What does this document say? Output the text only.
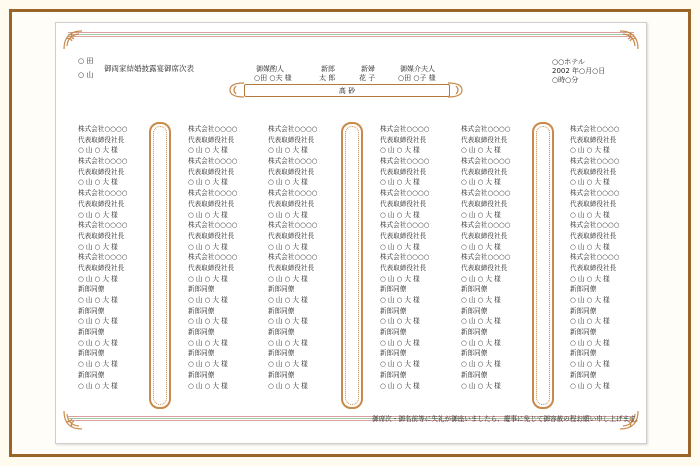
○ 田
○ 山
御両家結婚披露宴御席次表	御媒酌人
○田 ○夫 様
新郎
太 郎
新婦
花 子
御媒介夫人
○田 ○子 様
○○ホテル
2002 年○月○日
○時○分
高 砂
株式会社○○○○
代表取締役社長
○ 山 ○ 大 様
株式会社○○○○
代表取締役社長
○ 山 ○ 大 様
株式会社○○○○
代表取締役社長
○ 山 ○ 大 様
株式会社○○○○
代表取締役社長
○ 山 ○ 大 様
株式会社○○○○
代表取締役社長
○ 山 ○ 大 様
新郎同僚
○ 山 ○ 大 様
新郎同僚
○ 山 ○ 大 様
新郎同僚
○ 山 ○ 大 様
新郎同僚
○ 山 ○ 大 様
新郎同僚
○ 山 ○ 大 様
株式会社○○○○
代表取締役社長
○ 山 ○ 大 様
株式会社○○○○
代表取締役社長
○ 山 ○ 大 様
株式会社○○○○
代表取締役社長
○ 山 ○ 大 様
株式会社○○○○
代表取締役社長
○ 山 ○ 大 様
株式会社○○○○
代表取締役社長
○ 山 ○ 大 様
新郎同僚
○ 山 ○ 大 様
新郎同僚
○ 山 ○ 大 様
新郎同僚
○ 山 ○ 大 様
新郎同僚
○ 山 ○ 大 様
新郎同僚
○ 山 ○ 大 様
株式会社○○○○
代表取締役社長
○ 山 ○ 大 様
株式会社○○○○
代表取締役社長
○ 山 ○ 大 様
株式会社○○○○
代表取締役社長
○ 山 ○ 大 様
株式会社○○○○
代表取締役社長
○ 山 ○ 大 様
株式会社○○○○
代表取締役社長
○ 山 ○ 大 様
新郎同僚
○ 山 ○ 大 様
新郎同僚
○ 山 ○ 大 様
新郎同僚
○ 山 ○ 大 様
新郎同僚
○ 山 ○ 大 様
新郎同僚
○ 山 ○ 大 様
株式会社○○○○
代表取締役社長
○ 山 ○ 大 様
株式会社○○○○
代表取締役社長
○ 山 ○ 大 様
株式会社○○○○
代表取締役社長
○ 山 ○ 大 様
株式会社○○○○
代表取締役社長
○ 山 ○ 大 様
株式会社○○○○
代表取締役社長
○ 山 ○ 大 様
新郎同僚
○ 山 ○ 大 様
新郎同僚
○ 山 ○ 大 様
新郎同僚
○ 山 ○ 大 様
新郎同僚
○ 山 ○ 大 様
新郎同僚
○ 山 ○ 大 様
株式会社○○○○
代表取締役社長
○ 山 ○ 大 様
株式会社○○○○
代表取締役社長
○ 山 ○ 大 様
株式会社○○○○
代表取締役社長
○ 山 ○ 大 様
株式会社○○○○
代表取締役社長
○ 山 ○ 大 様
株式会社○○○○
代表取締役社長
○ 山 ○ 大 様
新郎同僚
○ 山 ○ 大 様
新郎同僚
○ 山 ○ 大 様
新郎同僚
○ 山 ○ 大 様
新郎同僚
○ 山 ○ 大 様
新郎同僚
○ 山 ○ 大 様
株式会社○○○○
代表取締役社長
○ 山 ○ 大 様
株式会社○○○○
代表取締役社長
○ 山 ○ 大 様
株式会社○○○○
代表取締役社長
○ 山 ○ 大 様
株式会社○○○○
代表取締役社長
○ 山 ○ 大 様
株式会社○○○○
代表取締役社長
○ 山 ○ 大 様
新郎同僚
○ 山 ○ 大 様
新郎同僚
○ 山 ○ 大 様
新郎同僚
○ 山 ○ 大 様
新郎同僚
○ 山 ○ 大 様
新郎同僚
○ 山 ○ 大 様
御席次・御名前等に失礼が御座いましたら、慶事に免じて御容赦の程お願い申し上げます。
